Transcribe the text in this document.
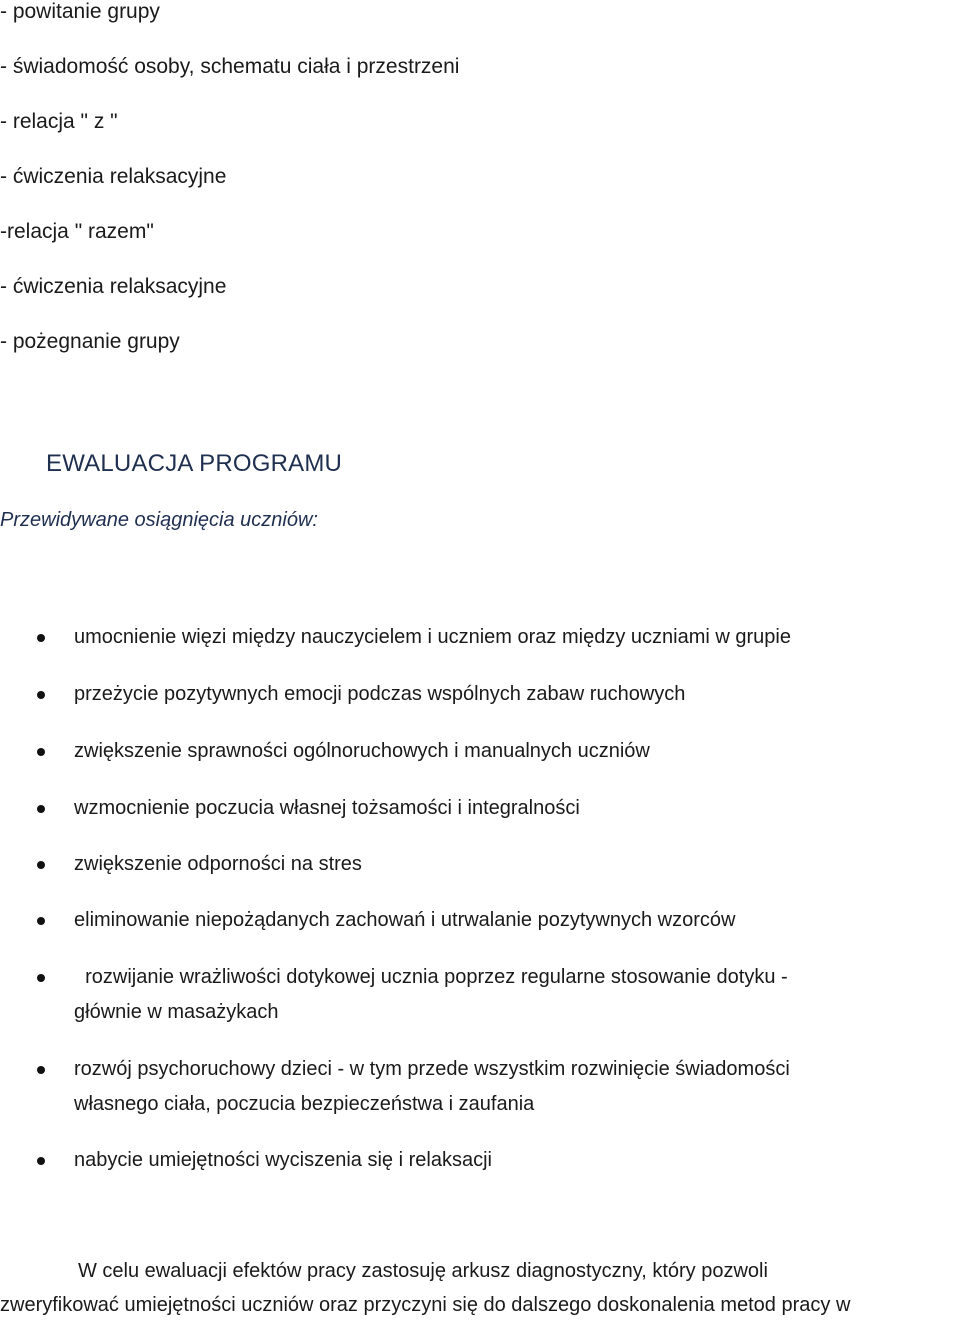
- powitanie grupy
- świadomość osoby, schematu ciała i przestrzeni
- relacja " z "
- ćwiczenia relaksacyjne
-relacja " razem"
- ćwiczenia relaksacyjne
- pożegnanie grupy
EWALUACJA PROGRAMU
Przewidywane osiągnięcia uczniów:
umocnienie więzi między nauczycielem i uczniem oraz między uczniami w grupie
przeżycie pozytywnych emocji podczas wspólnych zabaw ruchowych
zwiększenie sprawności ogólnoruchowych i manualnych uczniów
wzmocnienie poczucia własnej tożsamości i integralności
zwiększenie odporności na stres
eliminowanie niepożądanych zachowań i utrwalanie pozytywnych wzorców
rozwijanie wrażliwości dotykowej ucznia poprzez regularne stosowanie dotyku -
głównie w masażykach
rozwój psychoruchowy dzieci - w tym przede wszystkim rozwinięcie świadomości
własnego ciała, poczucia bezpieczeństwa i zaufania
nabycie umiejętności wyciszenia się i relaksacji
W celu ewaluacji efektów pracy zastosuję arkusz diagnostyczny, który pozwoli
zweryfikować umiejętności uczniów oraz przyczyni się do dalszego doskonalenia metod pracy w
